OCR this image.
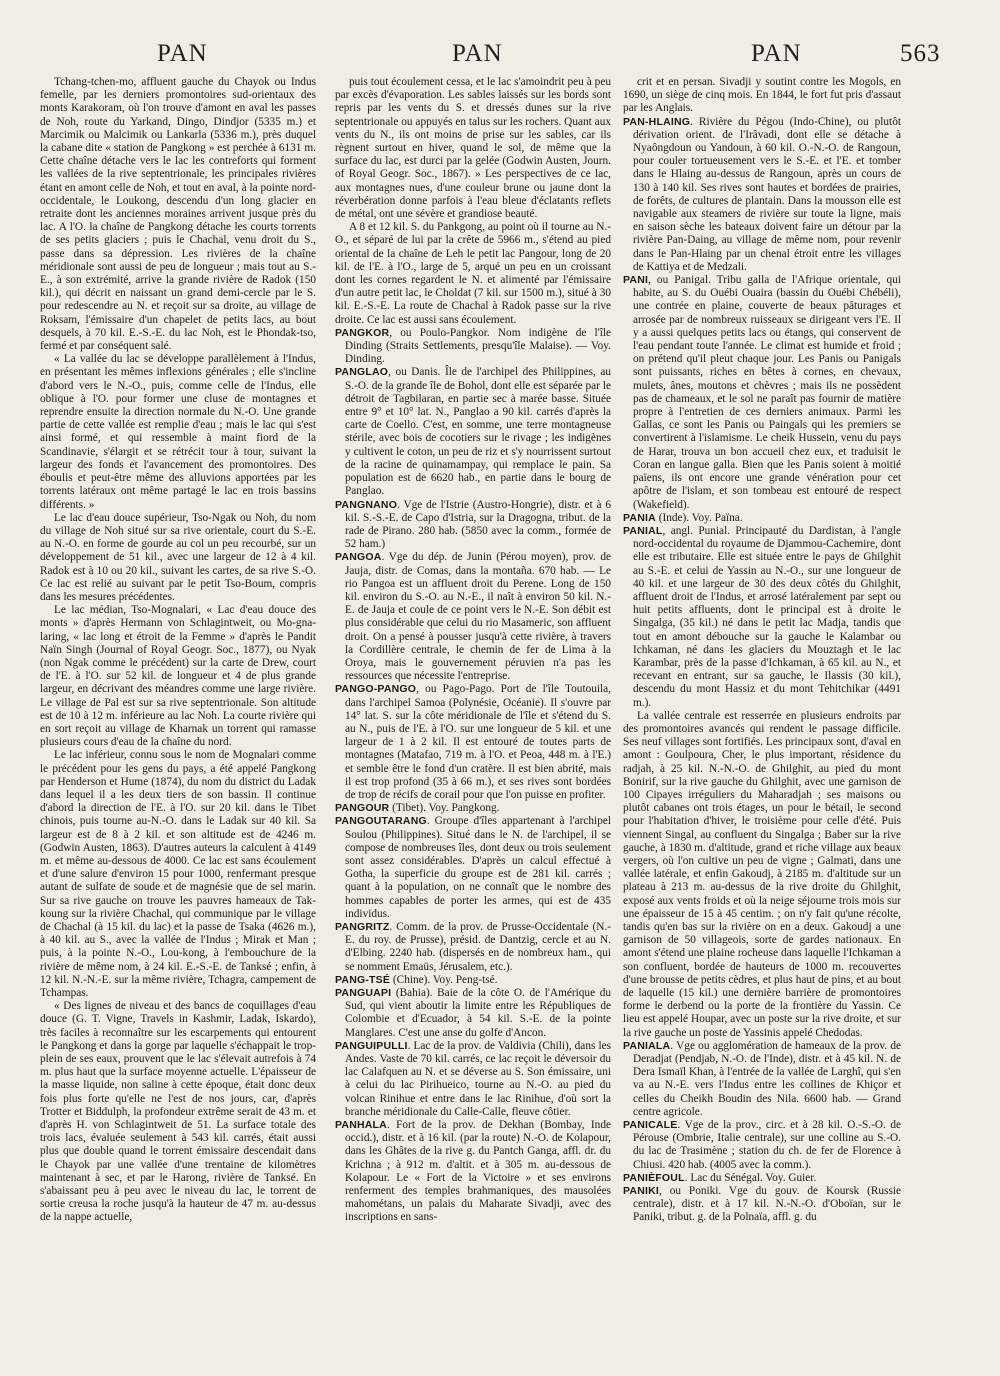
PAN	PAN	PAN	563

Tchang-tchen-mo, affluent gauche du Chayok ou Indus femelle, par les derniers promontoires sud-orientaux des monts Karakoram, où l'on trouve d'amont en aval les passes de Noh, route du Yarkand, Dingo, Dindjor (5335 m.) et Marcimik ou Malcimik ou Lankarla (5336 m.), près duquel la cabane dite « station de Pangkong » est perchée à 6131 m. Cette chaîne détache vers le lac les contreforts qui forment les vallées de la rive septentrionale, les principales rivières étant en amont celle de Noh, et tout en aval, à la pointe nord-occidentale, le Loukong, descendu d'un long glacier en retraite dont les anciennes moraines arrivent jusque près du lac. A l'O. la chaîne de Pangkong détache les courts torrents de ses petits glaciers ; puis le Chachal, venu droit du S., passe dans sa dépression. Les rivières de la chaîne méridionale sont aussi de peu de longueur ; mais tout au S.-E., à son extrémité, arrive la grande rivière de Radok (150 kil.), qui décrit en naissant un grand demi-cercle par le S. pour redescendre au N. et reçoit sur sa droite, au village de Roksam, l'émissaire d'un chapelet de petits lacs, au bout desquels, à 70 kil. E.-S.-E. du lac Noh, est le Phondak-tso, fermé et par conséquent salé.

« La vallée du lac se développe parallèlement à l'Indus, en présentant les mêmes inflexions générales ; elle s'incline d'abord vers le N.-O., puis, comme celle de l'Indus, elle oblique à l'O. pour former une cluse de montagnes et reprendre ensuite la direction normale du N.-O. Une grande partie de cette vallée est remplie d'eau ; mais le lac qui s'est ainsi formé, et qui ressemble à maint fiord de la Scandinavie, s'élargit et se rétrécit tour à tour, suivant la largeur des fonds et l'avancement des promontoires. Des éboulis et peut-être même des alluvions apportées par les torrents latéraux ont même partagé le lac en trois bassins différents. »

Le lac d'eau douce supérieur, Tso-Ngak ou Noh, du nom du village de Noh situé sur sa rive orientale, court du S.-E. au N.-O. en forme de gourde au col un peu recourbé, sur un développement de 51 kil., avec une largeur de 12 à 4 kil. Radok est à 10 ou 20 kil., suivant les cartes, de sa rive S.-O. Ce lac est relié au suivant par le petit Tso-Boum, compris dans les mesures précédentes.

Le lac médian, Tso-Mognalari, « Lac d'eau douce des monts » d'après Hermann von Schlagintweit, ou Mo-gna-laring, « lac long et étroit de la Femme » d'après le Pandit Naïn Singh (Journal of Royal Geogr. Soc., 1877), ou Nyak (non Ngak comme le précédent) sur la carte de Drew, court de l'E. à l'O. sur 52 kil. de longueur et 4 de plus grande largeur, en décrivant des méandres comme une large rivière. Le village de Pal est sur sa rive septentrionale. Son altitude est de 10 à 12 m. inférieure au lac Noh. La courte rivière qui en sort reçoit au village de Kharnak un torrent qui ramasse plusieurs cours d'eau de la chaîne du nord.

Le lac inférieur, connu sous le nom de Mognalari comme le précédent pour les gens du pays, a été appelé Pangkong par Henderson et Hume (1874), du nom du district du Ladak dans lequel il a les deux tiers de son bassin. Il continue d'abord la direction de l'E. à l'O. sur 20 kil. dans le Tibet chinois, puis tourne au-N.-O. dans le Ladak sur 40 kil. Sa largeur est de 8 à 2 kil. et son altitude est de 4246 m. (Godwin Austen, 1863). D'autres auteurs la calculent à 4149 m. et même au-dessous de 4000. Ce lac est sans écoulement et d'une salure d'environ 15 pour 1000, renfermant presque autant de sulfate de soude et de magnésie que de sel marin. Sur sa rive gauche on trouve les pauvres hameaux de Tak-koung sur la rivière Chachal, qui communique par le village de Chachal (à 15 kil. du lac) et la passe de Tsaka (4626 m.), à 40 kil. au S., avec la vallée de l'Indus ; Mirak et Man ; puis, à la pointe N.-O., Lou-kong, à l'embouchure de la rivière de même nom, à 24 kil. E.-S.-E. de Tanksé ; enfin, à 12 kil. N.-N.-E. sur la même rivière, Tchagra, campement de Tchampas.

« Des lignes de niveau et des bancs de coquillages d'eau douce (G. T. Vigne, Travels in Kashmir, Ladak, Iskardo), très faciles à reconnaître sur les escarpements qui entourent le Pangkong et dans la gorge par laquelle s'échappait le trop-plein de ses eaux, prouvent que le lac s'élevait autrefois à 74 m. plus haut que la surface moyenne actuelle. L'épaisseur de la masse liquide, non saline à cette époque, était donc deux fois plus forte qu'elle ne l'est de nos jours, car, d'après Trotter et Biddulph, la profondeur extrême serait de 43 m. et d'après H. von Schlagintweit de 51. La surface totale des trois lacs, évaluée seulement à 543 kil. carrés, était aussi plus que double quand le torrent émissaire descendait dans le Chayok par une vallée d'une trentaine de kilomètres maintenant à sec, et par le Harong, rivière de Tanksé. En s'abaissant peu à peu avec le niveau du lac, le torrent de sortie creusa la roche jusqu'à la hauteur de 47 m. au-dessus de la nappe actuelle,

puis tout écoulement cessa, et le lac s'amoindrit peu à peu par excès d'évaporation. Les sables laissés sur les bords sont repris par les vents du S. et dressés dunes sur la rive septentrionale ou appuyés en talus sur les rochers. Quant aux vents du N., ils ont moins de prise sur les sables, car ils règnent surtout en hiver, quand le sol, de même que la surface du lac, est durci par la gelée (Godwin Austen, Journ. of Royal Geogr. Soc., 1867). » Les perspectives de ce lac, aux montagnes nues, d'une couleur brune ou jaune dont la réverbération donne parfois à l'eau bleue d'éclatants reflets de métal, ont une sévère et grandiose beauté.

A 8 et 12 kil. S. du Pankgong, au point où il tourne au N.-O., et séparé de lui par la crête de 5966 m., s'étend au pied oriental de la chaîne de Leh le petit lac Pangour, long de 20 kil. de l'E. à l'O., large de 5, arqué un peu en un croissant dont les cornes regardent le N. et alimenté par l'émissaire d'un autre petit lac, le Choldat (7 kil. sur 1500 m.), situé à 30 kil. E.-S.-E. La route de Chachal à Radok passe sur la rive droite. Ce lac est aussi sans écoulement.

PANGKOR, ou Poulo-Pangkor. Nom indigène de l'île Dinding (Straits Settlements, presqu'île Malaise). — Voy. Dinding.

PANGLAO, ou Danis. Île de l'archipel des Philippines, au S.-O. de la grande île de Bohol, dont elle est séparée par le détroit de Tagbilaran, en partie sec à marée basse. Située entre 9° et 10° lat. N., Panglao a 90 kil. carrés d'après la carte de Coello. C'est, en somme, une terre montagneuse stérile, avec bois de cocotiers sur le rivage ; les indigènes y cultivent le coton, un peu de riz et s'y nourrissent surtout de la racine de quinamampay, qui remplace le pain. Sa population est de 6620 hab., en partie dans le bourg de Panglao.

PANGNANO. Vge de l'Istrie (Austro-Hongrie), distr. et à 6 kil. S.-S.-E. de Capo d'Istria, sur la Dragogna, tribut. de la rade de Pirano. 280 hab. (5850 avec la comm., formée de 52 ham.)

PANGOA. Vge du dép. de Junin (Pérou moyen), prov. de Jauja, distr. de Comas, dans la montaña. 670 hab. — Le rio Pangoa est un affluent droit du Perene. Long de 150 kil. environ du S.-O. au N.-E., il naît à environ 50 kil. N.-E. de Jauja et coule de ce point vers le N.-E. Son débit est plus considérable que celui du rio Masameric, son affluent droit. On a pensé à pousser jusqu'à cette rivière, à travers la Cordillère centrale, le chemin de fer de Lima à la Oroya, mais le gouvernement péruvien n'a pas les ressources que nécessite l'entreprise.

PANGO-PANGO, ou Pago-Pago. Port de l'île Toutouila, dans l'archipel Samoa (Polynésie, Océanie). Il s'ouvre par 14° lat. S. sur la côte méridionale de l'île et s'étend du S. au N., puis de l'E. à l'O. sur une longueur de 5 kil. et une largeur de 1 à 2 kil. Il est entouré de toutes parts de montagnes (Matafao, 719 m. à l'O. et Peoa, 448 m. à l'E.) et semble être le fond d'un cratère. Il est bien abrité, mais il est trop profond (35 à 66 m.), et ses rives sont bordées de trop de récifs de corail pour que l'on puisse en profiter.

PANGOUR (Tibet). Voy. Pangkong.

PANGOUTARANG. Groupe d'îles appartenant à l'archipel Soulou (Philippines). Situé dans le N. de l'archipel, il se compose de nombreuses îles, dont deux ou trois seulement sont assez considérables. D'après un calcul effectué à Gotha, la superficie du groupe est de 281 kil. carrés ; quant à la population, on ne connaît que le nombre des hommes capables de porter les armes, qui est de 435 individus.

PANGRITZ. Comm. de la prov. de Prusse-Occidentale (N.-E. du roy. de Prusse), présid. de Dantzig, cercle et au N. d'Elbing. 2240 hab. (dispersés en de nombreux ham., qui se nomment Emaüs, Jérusalem, etc.).

PANG-TSÉ (Chine). Voy. Peng-tsé.

PANGUAPI (Bahia). Baie de la côte O. de l'Amérique du Sud, qui vient aboutir la limite entre les Républiques de Colombie et d'Ecuador, à 54 kil. S.-E. de la pointe Manglares. C'est une anse du golfe d'Ancon.

PANGUIPULLI. Lac de la prov. de Valdivia (Chili), dans les Andes. Vaste de 70 kil. carrés, ce lac reçoit le déversoir du lac Calafquen au N. et se déverse au S. Son émissaire, uni à celui du lac Pirihueico, tourne au N.-O. au pied du volcan Rinihue et entre dans le lac Rinihue, d'où sort la branche méridionale du Calle-Calle, fleuve côtier.

PANHALA. Fort de la prov. de Dekhan (Bombay, Inde occid.), distr. et à 16 kil. (par la route) N.-O. de Kolapour, dans les Ghâtes de la rive g. du Pantch Ganga, affl. dr. du Krichna ; à 912 m. d'altit. et à 305 m. au-dessous de Kolapour. Le « Fort de la Victoire » et ses environs renferment des temples brahmaniques, des mausolées mahométans, un palais du Maharate Sivadji, avec des inscriptions en sans-

crit et en persan. Sivadji y soutint contre les Mogols, en 1690, un siège de cinq mois. En 1844, le fort fut pris d'assaut par les Anglais.

PAN-HLAING. Rivière du Pégou (Indo-Chine), ou plutôt dérivation orient. de l'Irâvadi, dont elle se détache à Nyaôngdoun ou Yandoun, à 60 kil. O.-N.-O. de Rangoun, pour couler tortueusement vers le S.-E. et l'E. et tomber dans le Hlaing au-dessus de Rangoun, après un cours de 130 à 140 kil. Ses rives sont hautes et bordées de prairies, de forêts, de cultures de plantain. Dans la mousson elle est navigable aux steamers de rivière sur toute la ligne, mais en saison sèche les bateaux doivent faire un détour par la rivière Pan-Daing, au village de même nom, pour revenir dans le Pan-Hlaing par un chenal étroit entre les villages de Kattiya et de Medzali.

PANI, ou Panigal. Tribu galla de l'Afrique orientale, qui habite, au S. du Ouébi Ouaira (bassin du Ouébi Chébéli), une contrée en plaine, couverte de beaux pâturages et arrosée par de nombreux ruisseaux se dirigeant vers l'E. Il y a aussi quelques petits lacs ou étangs, qui conservent de l'eau pendant toute l'année. Le climat est humide et froid ; on prétend qu'il pleut chaque jour. Les Panis ou Panigals sont puissants, riches en bêtes à cornes, en chevaux, mulets, ânes, moutons et chèvres ; mais ils ne possèdent pas de chameaux, et le sol ne paraît pas fournir de matière propre à l'entretien de ces derniers animaux. Parmi les Gallas, ce sont les Panis ou Paingals qui les premiers se convertirent à l'islamisme. Le cheik Hussein, venu du pays de Harar, trouva un bon accueil chez eux, et traduisit le Coran en langue galla. Bien que les Panis soient à moitié païens, ils ont encore une grande vénération pour cet apôtre de l'islam, et son tombeau est entouré de respect (Wakefield).

PANIA (Inde). Voy. Païna.

PANIAL, angl. Punial. Principauté du Dardistan, à l'angle nord-occidental du royaume de Djammou-Cachemire, dont elle est tributaire. Elle est située entre le pays de Ghilghit au S.-E. et celui de Yassin au N.-O., sur une longueur de 40 kil. et une largeur de 30 des deux côtés du Ghilghit, affluent droit de l'Indus, et arrosé latéralement par sept ou huit petits affluents, dont le principal est à droite le Singalga, (35 kil.) né dans le petit lac Madja, tandis que tout en amont débouche sur la gauche le Kalambar ou Ichkaman, né dans les glaciers du Mouztagh et le lac Karambar, près de la passe d'Ichkaman, à 65 kil. au N., et recevant en entrant, sur sa gauche, le Ilassis (30 kil.), descendu du mont Hassiz et du mont Tehitchikar (4491 m.).

La vallée centrale est resserrée en plusieurs endroits par des promontoires avancés qui rendent le passage difficile. Ses neuf villages sont fortifiés. Les principaux sont, d'aval en amont : Goulpoura, Cher, le plus important, résidence du radjah, à 25 kil. N.-N.-O. de Ghilghit, au pied du mont Bonirif, sur la rive gauche du Ghilghit, avec une garnison de 100 Cipayes irréguliers du Maharadjah ; ses maisons ou plutôt cabanes ont trois étages, un pour le bétail, le second pour l'habitation d'hiver, le troisième pour celle d'été. Puis viennent Singal, au confluent du Singalga ; Baber sur la rive gauche, à 1830 m. d'altitude, grand et riche village aux beaux vergers, où l'on cultive un peu de vigne ; Galmati, dans une vallée latérale, et enfin Gakoudj, à 2185 m. d'altitude sur un plateau à 213 m. au-dessus de la rive droite du Ghilghit, exposé aux vents froids et où la neige séjourne trois mois sur une épaisseur de 15 à 45 centim. ; on n'y fait qu'une récolte, tandis qu'en bas sur la rivière on en a deux. Gakoudj a une garnison de 50 villageois, sorte de gardes nationaux. En amont s'étend une plaine rocheuse dans laquelle l'Ichkaman a son confluent, bordée de hauteurs de 1000 m. recouvertes d'une brousse de petits cèdres, et plus haut de pins, et au bout de laquelle (15 kil.) une dernière barrière de promontoires forme le derbend ou la porte de la frontière du Yassin. Ce lieu est appelé Houpar, avec un poste sur la rive droite, et sur la rive gauche un poste de Yassinis appelé Chedodas.

PANIALA. Vge ou agglomération de hameaux de la prov. de Deradjat (Pendjab, N.-O. de l'Inde), distr. et à 45 kil. N. de Dera Ismaïl Khan, à l'entrée de la vallée de Larghî, qui s'en va au N.-E. vers l'Indus entre les collines de Khiçor et celles du Cheikh Boudin des Nila. 6600 hab. — Grand centre agricole.

PANICALE. Vge de la prov., circ. et à 28 kil. O.-S.-O. de Pérouse (Ombrie, Italie centrale), sur une colline au S.-O. du lac de Trasimène ; station du ch. de fer de Florence à Chiusi. 420 hab. (4005 avec la comm.).

PANIÈFOUL. Lac du Sénégal. Voy. Guier.

PANIKI, ou Poniki. Vge du gouv. de Koursk (Russie centrale), distr. et à 17 kil. N.-N.-O. d'Oboïan, sur le Paniki, tribut. g. de la Polnaïa, affl. g. du
